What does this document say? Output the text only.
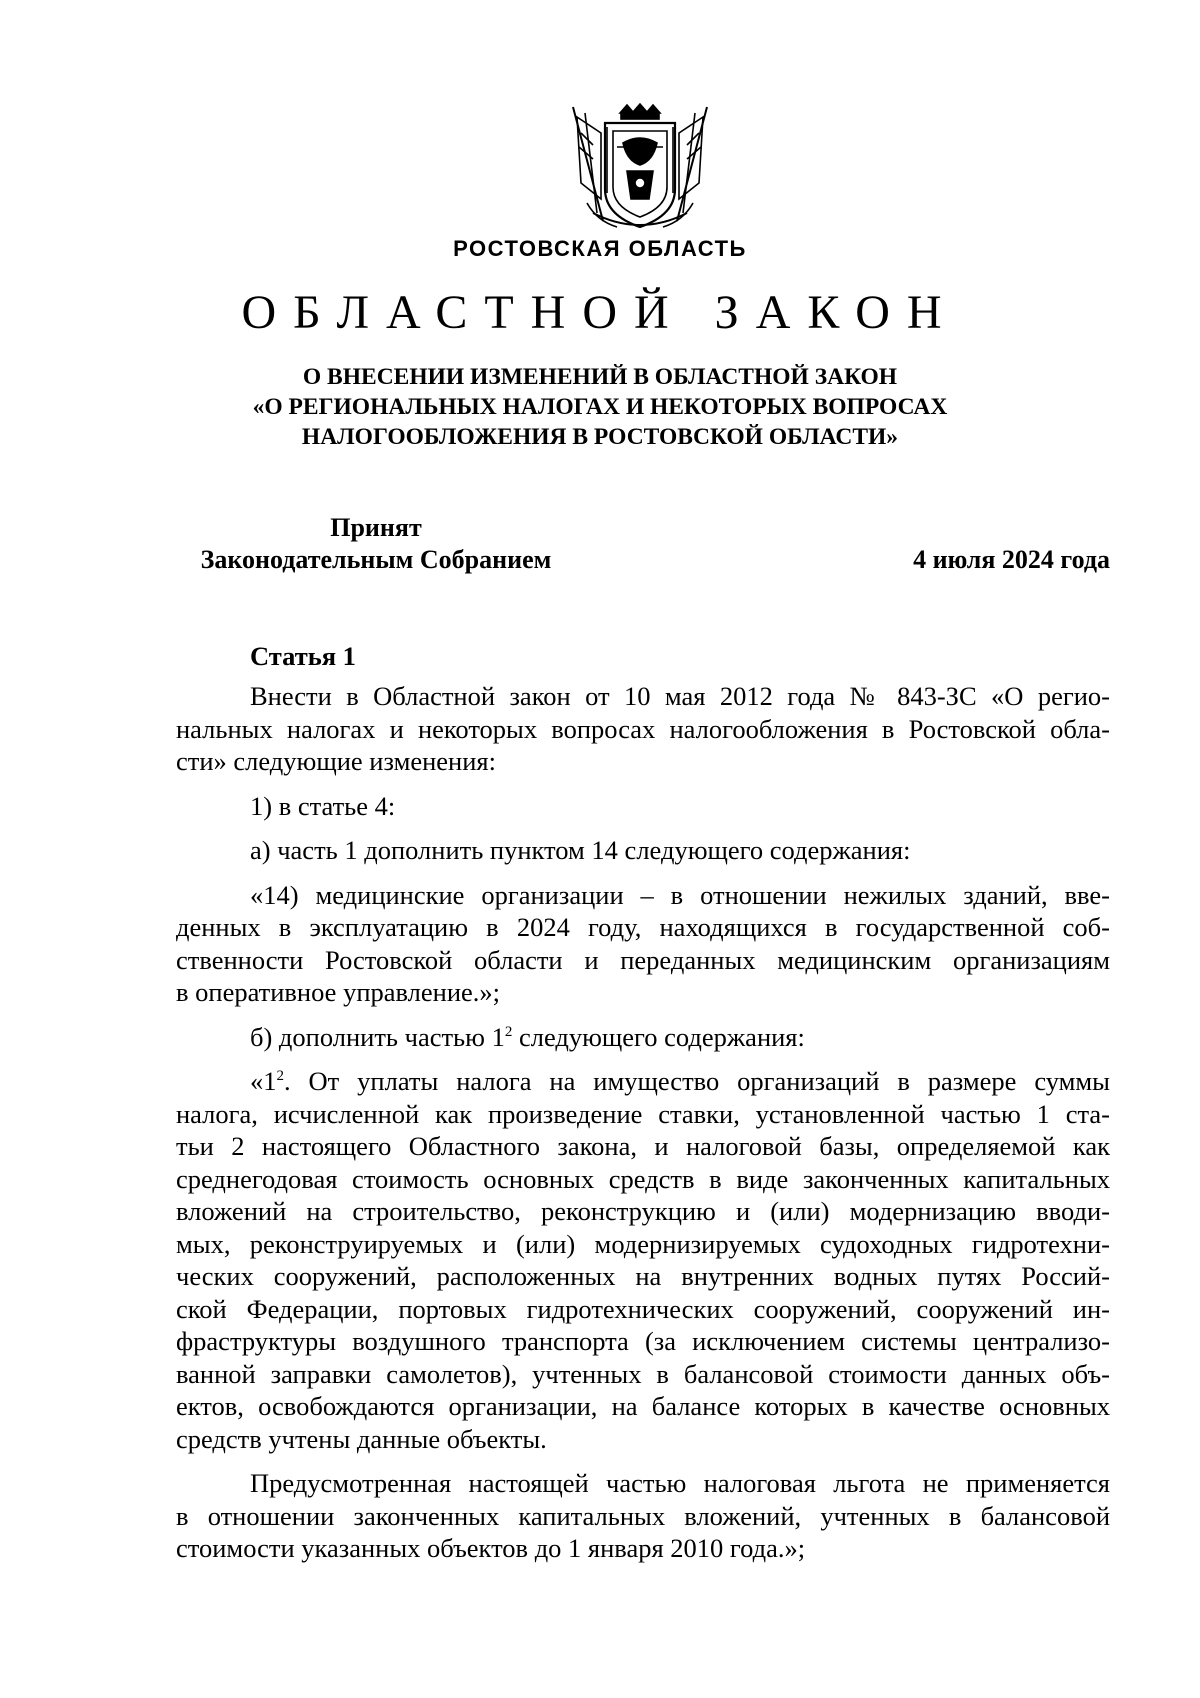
РОСТОВСКАЯ ОБЛАСТЬ
ОБЛАСТНОЙ ЗАКОН
О ВНЕСЕНИИ ИЗМЕНЕНИЙ В ОБЛАСТНОЙ ЗАКОН
«О РЕГИОНАЛЬНЫХ НАЛОГАХ И НЕКОТОРЫХ ВОПРОСАХ
НАЛОГООБЛОЖЕНИЯ В РОСТОВСКОЙ ОБЛАСТИ»
Принят
Законодательным Собранием	4 июля 2024 года
Статья 1
Внести в Областной закон от 10 мая 2012 года № 843-ЗС «О регио-
нальных налогах и некоторых вопросах налогообложения в Ростовской обла-
сти» следующие изменения:
1) в статье 4:
а) часть 1 дополнить пунктом 14 следующего содержания:
«14) медицинские организации – в отношении нежилых зданий, вве-
денных в эксплуатацию в 2024 году, находящихся в государственной соб-
ственности Ростовской области и переданных медицинским организациям
в оперативное управление.»;
б) дополнить частью $1^2$ следующего содержания:
«$1^2$. От уплаты налога на имущество организаций в размере суммы
налога, исчисленной как произведение ставки, установленной частью 1 ста-
тьи 2 настоящего Областного закона, и налоговой базы, определяемой как
среднегодовая стоимость основных средств в виде законченных капитальных
вложений на строительство, реконструкцию и (или) модернизацию вводи-
мых, реконструируемых и (или) модернизируемых судоходных гидротехни-
ческих сооружений, расположенных на внутренних водных путях Россий-
ской Федерации, портовых гидротехнических сооружений, сооружений ин-
фраструктуры воздушного транспорта (за исключением системы централизо-
ванной заправки самолетов), учтенных в балансовой стоимости данных объ-
ектов, освобождаются организации, на балансе которых в качестве основных
средств учтены данные объекты.
Предусмотренная настоящей частью налоговая льгота не применяется
в отношении законченных капитальных вложений, учтенных в балансовой
стоимости указанных объектов до 1 января 2010 года.»;
